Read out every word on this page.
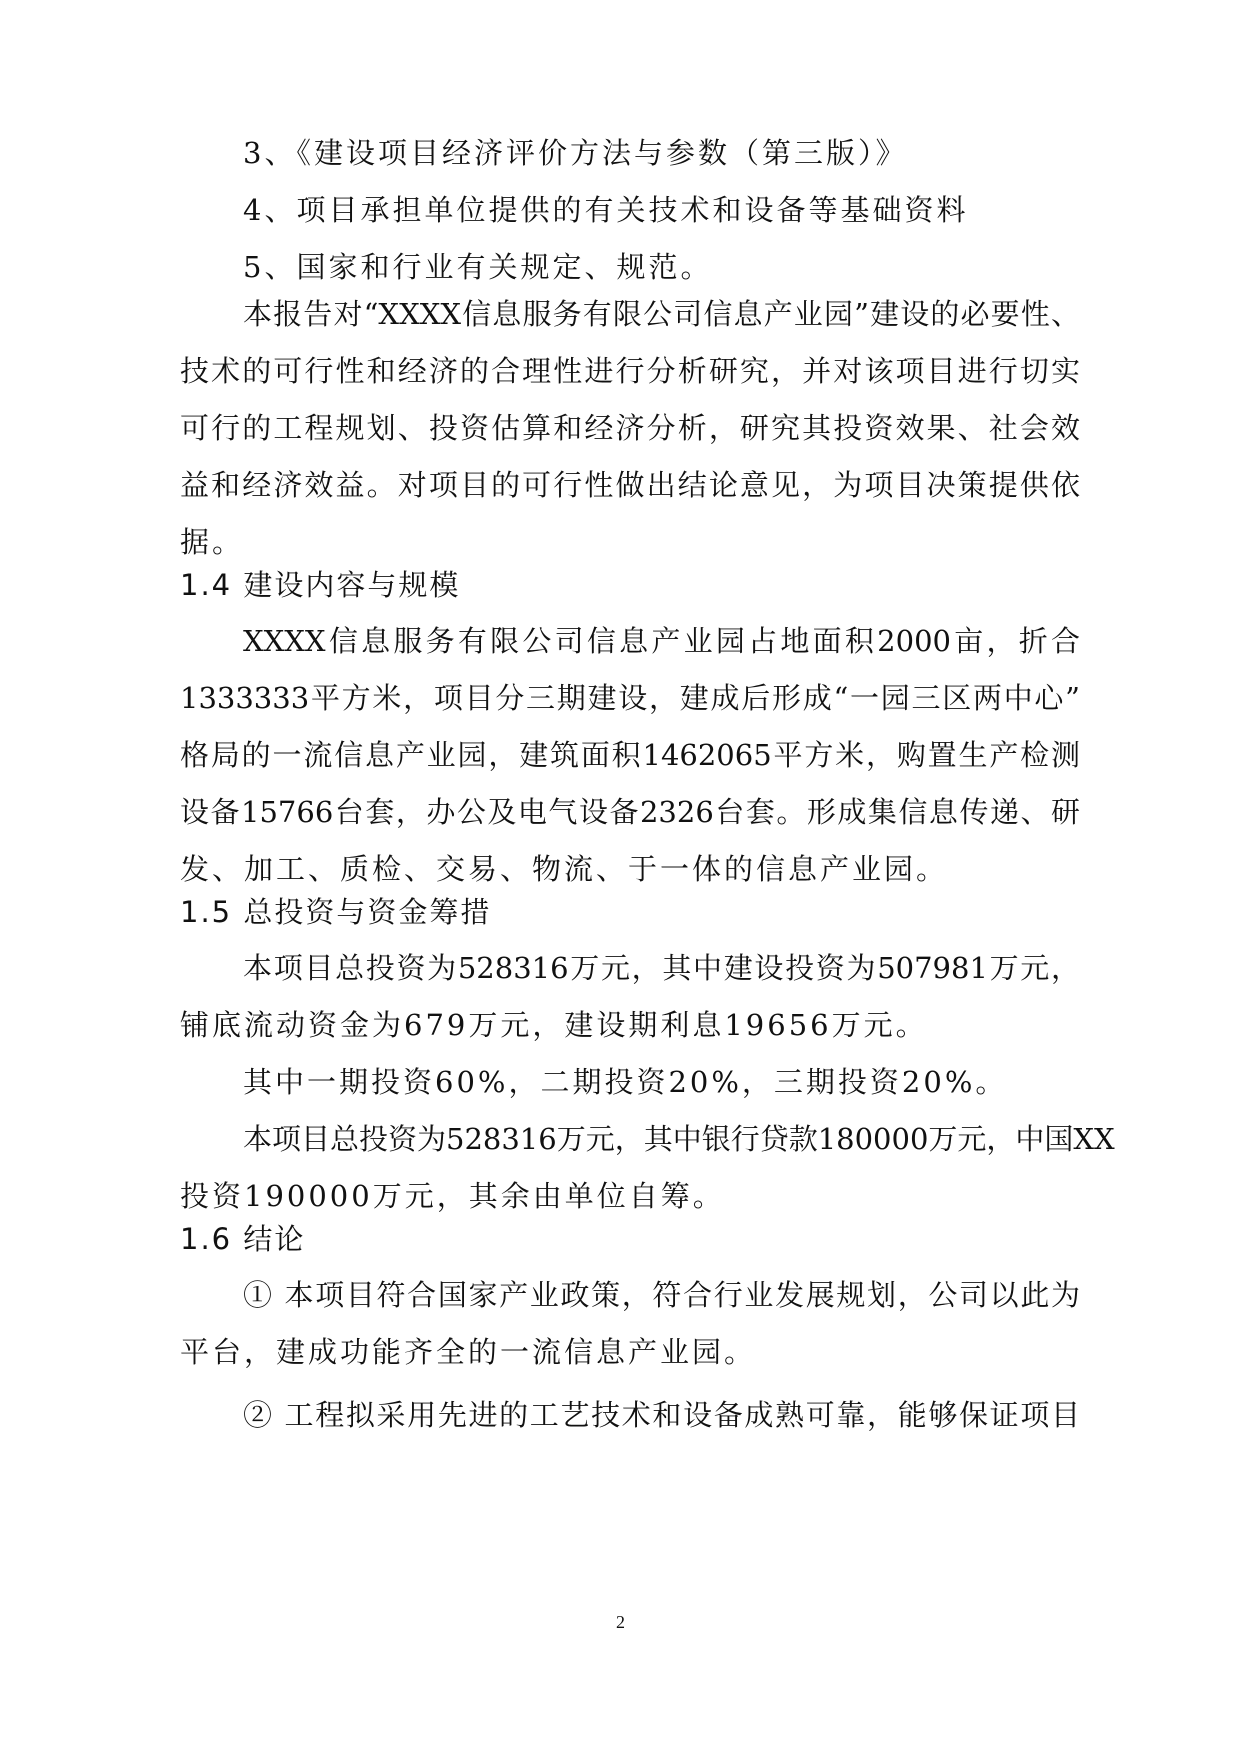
3、《建设项目经济评价方法与参数（第三版）》
4、项目承担单位提供的有关技术和设备等基础资料
5、国家和行业有关规定、规范。
本报告对“XXXX信息服务有限公司信息产业园”建设的必要性、
技术的可行性和经济的合理性进行分析研究，并对该项目进行切实
可行的工程规划、投资估算和经济分析，研究其投资效果、社会效
益和经济效益。对项目的可行性做出结论意见，为项目决策提供依
据。
1.4 建设内容与规模
XXXX信息服务有限公司信息产业园占地面积2000亩，折合
1333333平方米，项目分三期建设，建成后形成“一园三区两中心”
格局的一流信息产业园，建筑面积1462065平方米，购置生产检测
设备15766台套，办公及电气设备2326台套。形成集信息传递、研
发、加工、质检、交易、物流、于一体的信息产业园。
1.5 总投资与资金筹措
本项目总投资为528316万元，其中建设投资为507981万元，
铺底流动资金为679万元，建设期利息19656万元。
其中一期投资60%，二期投资20%，三期投资20%。
本项目总投资为528316万元，其中银行贷款180000万元，中国XX
投资190000万元，其余由单位自筹。
1.6 结论
① 本项目符合国家产业政策，符合行业发展规划，公司以此为
平台，建成功能齐全的一流信息产业园。
② 工程拟采用先进的工艺技术和设备成熟可靠，能够保证项目
2
